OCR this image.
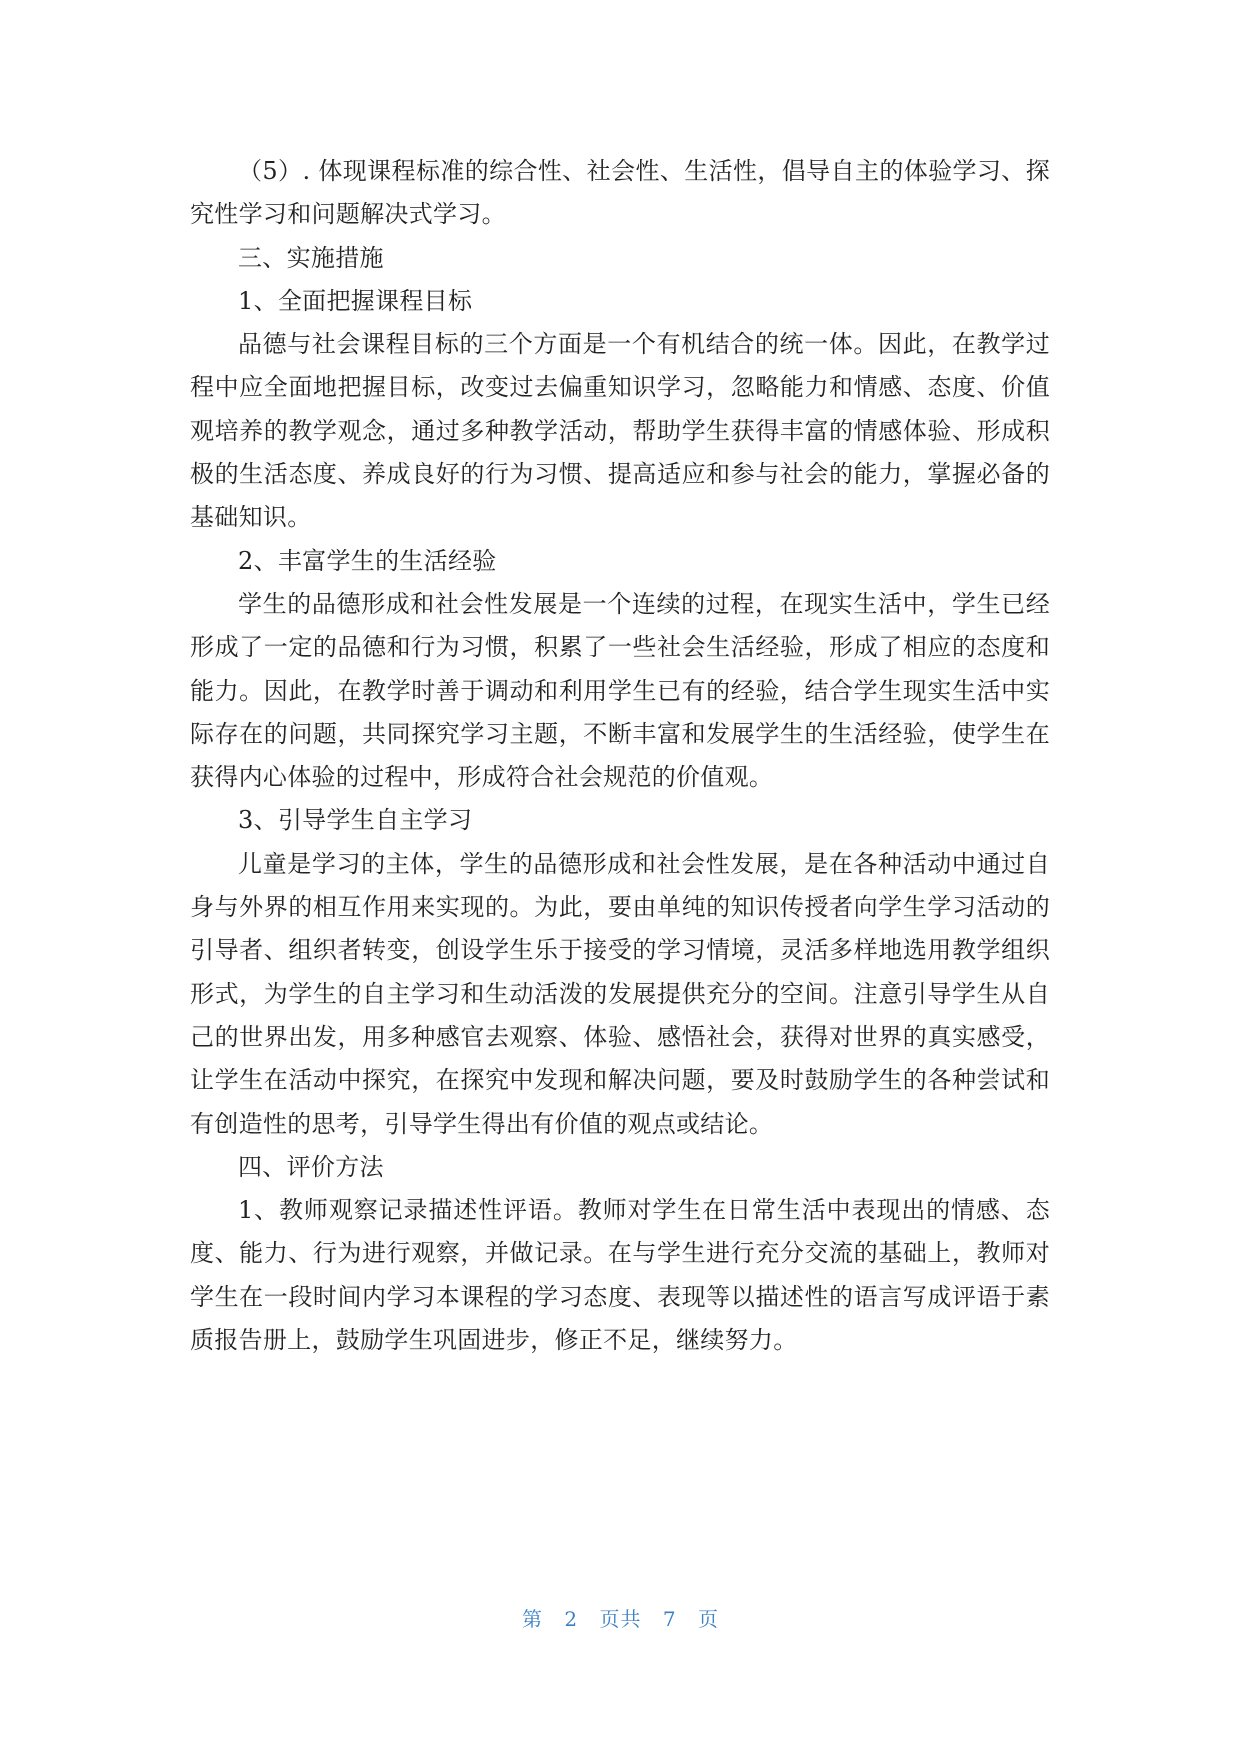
（5）. 体现课程标准的综合性、社会性、生活性，倡导自主的体验学习、探究性学习和问题解决式学习。

三、实施措施

1、全面把握课程目标

品德与社会课程目标的三个方面是一个有机结合的统一体。因此，在教学过程中应全面地把握目标，改变过去偏重知识学习，忽略能力和情感、态度、价值观培养的教学观念，通过多种教学活动，帮助学生获得丰富的情感体验、形成积极的生活态度、养成良好的行为习惯、提高适应和参与社会的能力，掌握必备的基础知识。

2、丰富学生的生活经验

学生的品德形成和社会性发展是一个连续的过程，在现实生活中，学生已经形成了一定的品德和行为习惯，积累了一些社会生活经验，形成了相应的态度和能力。因此，在教学时善于调动和利用学生已有的经验，结合学生现实生活中实际存在的问题，共同探究学习主题，不断丰富和发展学生的生活经验，使学生在获得内心体验的过程中，形成符合社会规范的价值观。

3、引导学生自主学习

儿童是学习的主体，学生的品德形成和社会性发展，是在各种活动中通过自身与外界的相互作用来实现的。为此，要由单纯的知识传授者向学生学习活动的引导者、组织者转变，创设学生乐于接受的学习情境，灵活多样地选用教学组织形式，为学生的自主学习和生动活泼的发展提供充分的空间。注意引导学生从自己的世界出发，用多种感官去观察、体验、感悟社会，获得对世界的真实感受，让学生在活动中探究，在探究中发现和解决问题，要及时鼓励学生的各种尝试和有创造性的思考，引导学生得出有价值的观点或结论。

四、评价方法

1、教师观察记录描述性评语。教师对学生在日常生活中表现出的情感、态度、能力、行为进行观察，并做记录。在与学生进行充分交流的基础上，教师对学生在一段时间内学习本课程的学习态度、表现等以描述性的语言写成评语于素质报告册上，鼓励学生巩固进步，修正不足，继续努力。

第 2 页共 7 页
